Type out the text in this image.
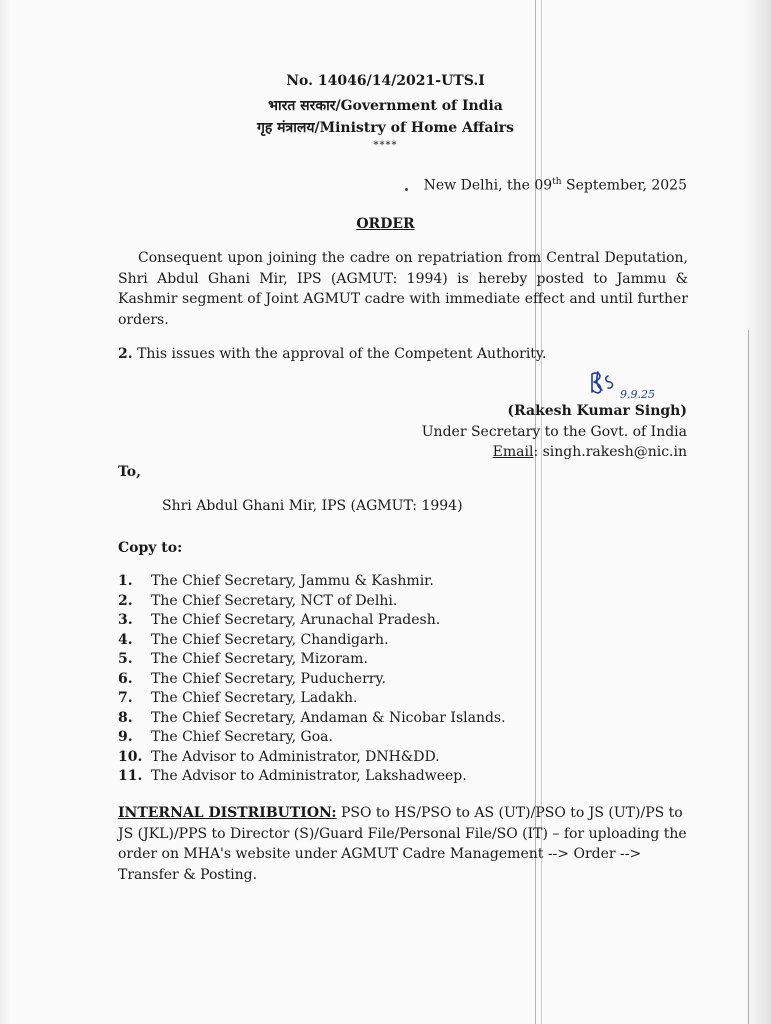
No. 14046/14/2021-UTS.I
भारत सरकार/Government of India
गृह मंत्रालय/Ministry of Home Affairs
****
New Delhi, the 09th September, 2025
ORDER

Consequent upon joining the cadre on repatriation from Central Deputation, Shri Abdul Ghani Mir, IPS (AGMUT: 1994) is hereby posted to Jammu & Kashmir segment of Joint AGMUT cadre with immediate effect and until further orders.

2. This issues with the approval of the Competent Authority.
9.9.25
(Rakesh Kumar Singh)
Under Secretary to the Govt. of India
Email: singh.rakesh@nic.in
To,
Shri Abdul Ghani Mir, IPS (AGMUT: 1994)
Copy to:
1.	The Chief Secretary, Jammu & Kashmir.
2.	The Chief Secretary, NCT of Delhi.
3.	The Chief Secretary, Arunachal Pradesh.
4.	The Chief Secretary, Chandigarh.
5.	The Chief Secretary, Mizoram.
6.	The Chief Secretary, Puducherry.
7.	The Chief Secretary, Ladakh.
8.	The Chief Secretary, Andaman & Nicobar Islands.
9.	The Chief Secretary, Goa.
10. The Advisor to Administrator, DNH&DD.
11. The Advisor to Administrator, Lakshadweep.
INTERNAL DISTRIBUTION: PSO to HS/PSO to AS (UT)/PSO to JS (UT)/PS to JS (JKL)/PPS to Director (S)/Guard File/Personal File/SO (IT) – for uploading the order on MHA's website under AGMUT Cadre Management --> Order --> Transfer & Posting.
